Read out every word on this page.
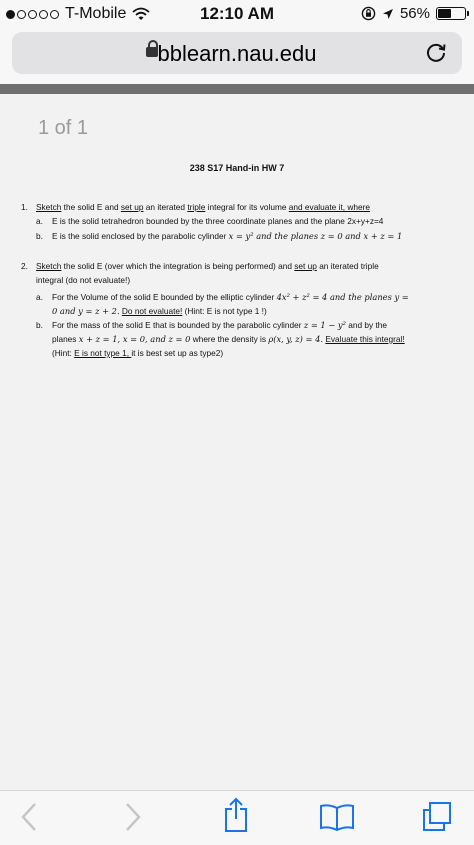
T-Mobile	12:10 AM	56%
bblearn.nau.edu
1 of 1
238 S17 Hand-in HW 7
1. Sketch the solid E and set up an iterated triple integral for its volume and evaluate it, where
a. E is the solid tetrahedron bounded by the three coordinate planes and the plane 2x+y+z=4
b. E is the solid enclosed by the parabolic cylinder x = y² and the planes z = 0 and x + z = 1
2. Sketch the solid E (over which the integration is being performed) and set up an iterated triple
integral (do not evaluate!)
a. For the Volume of the solid E bounded by the elliptic cylinder 4x² + z² = 4 and the planes y =
0 and y = z + 2. Do not evaluate! (Hint: E is not type 1 !)
b. For the mass of the solid E that is bounded by the parabolic cylinder z = 1 − y² and by the
planes x + z = 1, x = 0, and z = 0 where the density is ρ(x, y, z) = 4. Evaluate this integral!
(Hint: E is not type 1, it is best set up as type2)
